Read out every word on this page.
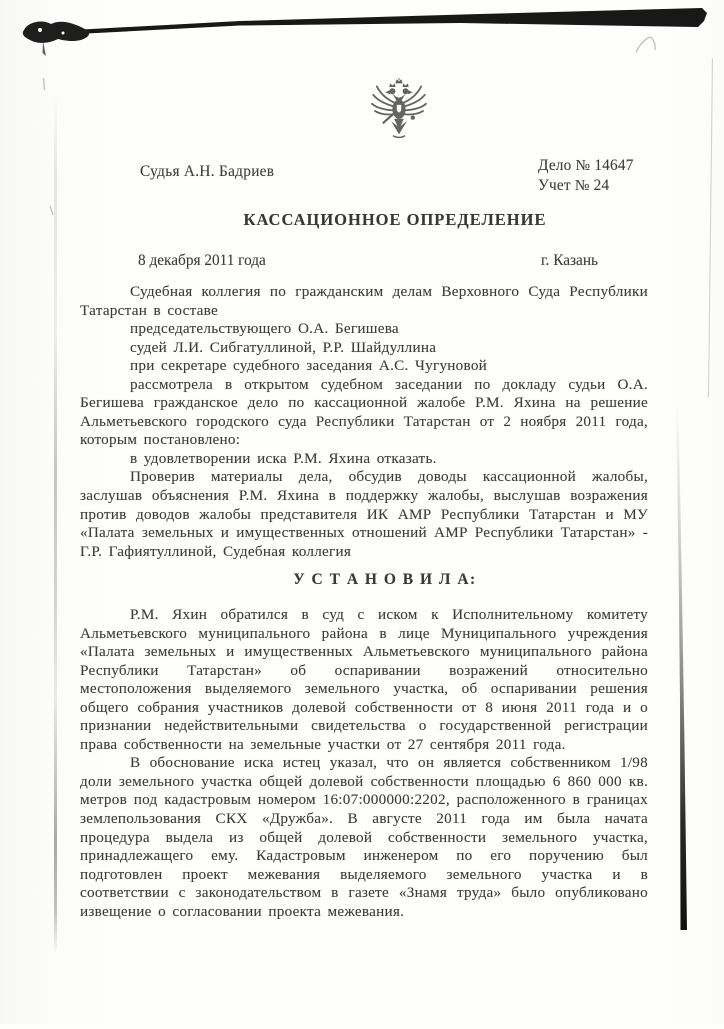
Судья А.Н. Бадриев	Дело № 14647
Учет № 24
КАССАЦИОННОЕ ОПРЕДЕЛЕНИЕ
8 декабря 2011 года	г. Казань

Судебная коллегия по гражданским делам Верховного Суда Республики Татарстан в составе

председательствующего О.А. Бегишева

судей Л.И. Сибгатуллиной, Р.Р. Шайдуллина

при секретаре судебного заседания А.С. Чугуновой

рассмотрела в открытом судебном заседании по докладу судьи О.А. Бегишева гражданское дело по кассационной жалобе Р.М. Яхина на решение Альметьевского городского суда Республики Татарстан от 2 ноября 2011 года, которым постановлено:

в удовлетворении иска Р.М. Яхина отказать.

Проверив материалы дела, обсудив доводы кассационной жалобы, заслушав объяснения Р.М. Яхина в поддержку жалобы, выслушав возражения против доводов жалобы представителя ИК АМР Республики Татарстан и МУ «Палата земельных и имущественных отношений АМР Республики Татарстан» - Г.Р. Гафиятуллиной, Судебная коллегия

У С Т А Н О В И Л А:

Р.М. Яхин обратился в суд с иском к Исполнительному комитету Альметьевского муниципального района в лице Муниципального учреждения «Палата земельных и имущественных Альметьевского муниципального района Республики Татарстан» об оспаривании возражений относительно местоположения выделяемого земельного участка, об оспаривании решения общего собрания участников долевой собственности от 8 июня 2011 года и о признании недействительными свидетельства о государственной регистрации права собственности на земельные участки от 27 сентября 2011 года.

В обоснование иска истец указал, что он является собственником 1/98 доли земельного участка общей долевой собственности площадью 6 860 000 кв. метров под кадастровым номером 16:07:000000:2202, расположенного в границах землепользования СКХ «Дружба». В августе 2011 года им была начата процедура выдела из общей долевой собственности земельного участка, принадлежащего ему. Кадастровым инженером по его поручению был подготовлен проект межевания выделяемого земельного участка и в соответствии с законодательством в газете «Знамя труда» было опубликовано извещение о согласовании проекта межевания.
